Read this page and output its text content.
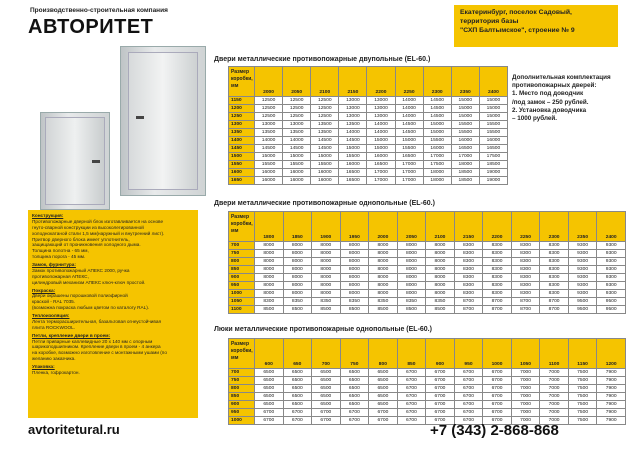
Производственно-строительная компания
АВТОРИТЕТ
Екатеринбург, поселок Садовый,
территория базы
"СХП Балтымское", строение № 9
Конструкция:
Противопожарные дверной блок изготавливается на основе
гнуто-сварной конструкции из высоколегированной
холоднокатаной стали 1,5 мм(наружный и внутренний лист).
Притвор дверного блока имеет уплотнитель,
защищающий от проникновения холодного дыма.
Толщина полотна - 65 мм,
толщина порога - 45 мм.
Замок, фурнитура:
Замок противопожарный АПЕКС 2000, ручка
противопожарная АПЕКС,
цилиндровый механизм АПЕКС ключ-ключ простой.
Покраска:
Двери окрашены порошковой полиэфирной
краской - RAL 7035.
(возможна покраска любым цветом по каталогу RAL).
Теплоизоляция:
Лента терморасширительная, базальтовая огнеустойчивая
плита ROCKWOOL.
Петли, крепление двери в проем:
Петли приварные каплевидные 20 х 140 мм с опорным
шарикоподшипником. Крепление двери в проем - 4 анкера
на коробке, возможно изготовление с монтажными ушами (по
желанию заказчика.
Упаковка:
Пленка, гофрокартон.
Двери металлические противопожарные двупольные (EL-60.)
Размер
коробки,
мм	2000	2050	2100	2150	2200	2250	2300	2350	2400
1150	12500	12500	12500	13000	13000	14000	14500	15000	15000
1200	12500	12500	12500	13000	13000	14000	14500	15000	15000
1250	12500	12500	12500	13000	13000	14000	14500	15000	15000
1300	13000	13000	13500	13500	14000	14500	15000	15500	15500
1350	13500	13500	13500	14000	14000	14500	15000	15500	15500
1400	14000	14000	14500	14500	15000	15000	15500	16000	16000
1450	14500	14500	14500	15000	15000	15500	16000	16500	16500
1500	15000	15000	15000	15500	16000	16500	17000	17000	17500
1550	15500	15500	15500	16000	16500	17000	17500	18000	18500
1600	16000	16000	16000	16500	17000	17000	18000	18500	19000
1650	16000	16000	16000	16500	17000	17000	18000	18500	19000
Дополнительная комплектация
противопожарных дверей:
1. Место под доводчик
/под замок – 250 рублей.
2. Установка доводчика
– 1000 рублей.
Двери металлические противопожарные однопольные (EL-60.)
Размер
коробки,
мм	1800	1850	1900	1950	2000	2050	2100	2150	2200	2250	2300	2350	2400
700	8000	8000	8000	8000	8000	8000	8000	8300	8300	8300	8300	9300	9300
750	8000	8000	8000	8000	8000	8000	8000	8300	8300	8300	8300	9300	9300
800	8000	8000	8000	8000	8000	8000	8000	8300	8300	8300	8300	9300	9300
850	8000	8000	8000	8000	8000	8000	8000	8300	8300	8300	8300	9300	9300
900	8000	8000	8000	8000	8000	8000	8000	8300	8300	8300	8300	9300	9300
950	8000	8000	8000	8000	8000	8000	8000	8300	8300	8300	8300	9300	9300
1000	8000	8000	8000	8000	8000	8000	8000	8300	8300	8300	8300	9300	9300
1050	8300	8350	8350	8350	8350	8350	8350	8700	8700	8700	8700	9500	9500
1100	8500	8500	8500	8500	8500	8500	8500	8700	8700	8700	8700	9500	9500
Люки металлические противопожарные однопольные (EL-60.)
Размер
коробки,
мм	600	650	700	750	800	850	900	950	1000	1050	1100	1150	1200
700	6500	6500	6500	6500	6500	6700	6700	6700	6700	7000	7000	7500	7900
750	6500	6500	6500	6500	6500	6700	6700	6700	6700	7000	7000	7500	7900
800	6500	6500	6500	6500	6500	6700	6700	6700	6700	7000	7000	7500	7900
850	6500	6500	6500	6500	6500	6700	6700	6700	6700	7000	7000	7500	7900
900	6500	6500	6500	6500	6500	6700	6700	6700	6700	7000	7000	7500	7900
950	6700	6700	6700	6700	6700	6700	6700	6700	6700	7000	7000	7500	7900
1000	6700	6700	6700	6700	6700	6700	6700	6700	6700	7000	7000	7500	7900
avtoritetural.ru	+7 (343) 2-868-868
